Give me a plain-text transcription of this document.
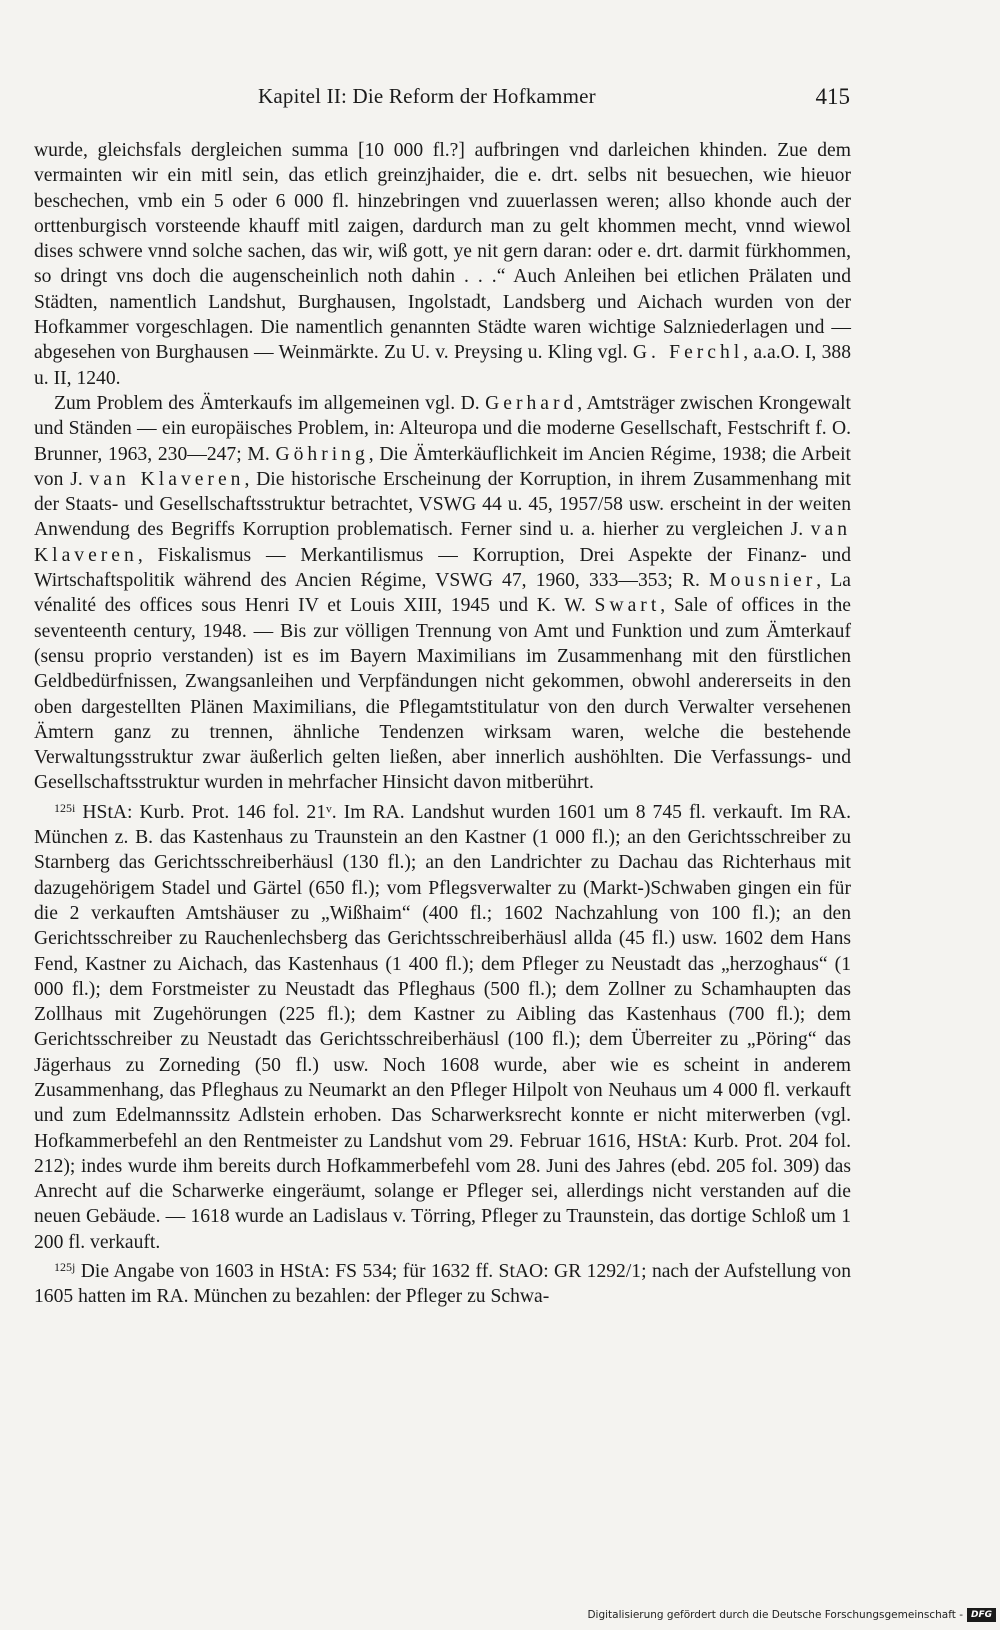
Kapitel II: Die Reform der Hofkammer	415

wurde, gleichsfals dergleichen summa [10 000 fl.?] aufbringen vnd darleichen khinden. Zue dem vermainten wir ein mitl sein, das etlich greinzjhaider, die e. drt. selbs nit besuechen, wie hieuor beschechen, vmb ein 5 oder 6 000 fl. hinzebringen vnd zuuerlassen weren; allso khonde auch der orttenburgisch vorsteende khauff mitl zaigen, dardurch man zu gelt khommen mecht, vnnd wiewol dises schwere vnnd solche sachen, das wir, wiß gott, ye nit gern daran: oder e. drt. darmit fürkhommen, so dringt vns doch die augenscheinlich noth dahin . . .“ Auch Anleihen bei etlichen Prälaten und Städten, namentlich Landshut, Burghausen, Ingolstadt, Landsberg und Aichach wurden von der Hofkammer vorgeschlagen. Die namentlich genannten Städte waren wichtige Salzniederlagen und — abgesehen von Burghausen — Weinmärkte. Zu U. v. Preysing u. Kling vgl. G. Ferchl, a.a.O. I, 388 u. II, 1240.

Zum Problem des Ämterkaufs im allgemeinen vgl. D. Gerhard, Amtsträger zwischen Krongewalt und Ständen — ein europäisches Problem, in: Alteuropa und die moderne Gesellschaft, Festschrift f. O. Brunner, 1963, 230—247; M. Göhring, Die Ämterkäuflichkeit im Ancien Régime, 1938; die Arbeit von J. van Klaveren, Die historische Erscheinung der Korruption, in ihrem Zusammenhang mit der Staats- und Gesellschaftsstruktur betrachtet, VSWG 44 u. 45, 1957/58 usw. erscheint in der weiten Anwendung des Begriffs Korruption problematisch. Ferner sind u. a. hierher zu vergleichen J. van Klaveren, Fiskalismus — Merkantilismus — Korruption, Drei Aspekte der Finanz- und Wirtschaftspolitik während des Ancien Régime, VSWG 47, 1960, 333—353; R. Mousnier, La vénalité des offices sous Henri IV et Louis XIII, 1945 und K. W. Swart, Sale of offices in the seventeenth century, 1948. — Bis zur völligen Trennung von Amt und Funktion und zum Ämterkauf (sensu proprio verstanden) ist es im Bayern Maximilians im Zusammenhang mit den fürstlichen Geldbedürfnissen, Zwangsanleihen und Verpfändungen nicht gekommen, obwohl andererseits in den oben dargestellten Plänen Maximilians, die Pflegamtstitulatur von den durch Verwalter versehenen Ämtern ganz zu trennen, ähnliche Tendenzen wirksam waren, welche die bestehende Verwaltungsstruktur zwar äußerlich gelten ließen, aber innerlich aushöhlten. Die Verfassungs- und Gesellschaftsstruktur wurden in mehrfacher Hinsicht davon mitberührt.

$^{125i}$ HStA: Kurb. Prot. 146 fol. 21ᵛ. Im RA. Landshut wurden 1601 um 8 745 fl. verkauft. Im RA. München z. B. das Kastenhaus zu Traunstein an den Kastner (1 000 fl.); an den Gerichtsschreiber zu Starnberg das Gerichtsschreiberhäusl (130 fl.); an den Landrichter zu Dachau das Richterhaus mit dazugehörigem Stadel und Gärtel (650 fl.); vom Pflegsverwalter zu (Markt-)Schwaben gingen ein für die 2 verkauften Amtshäuser zu „Wißhaim“ (400 fl.; 1602 Nachzahlung von 100 fl.); an den Gerichtsschreiber zu Rauchenlechsberg das Gerichtsschreiberhäusl allda (45 fl.) usw. 1602 dem Hans Fend, Kastner zu Aichach, das Kastenhaus (1 400 fl.); dem Pfleger zu Neustadt das „herzoghaus“ (1 000 fl.); dem Forstmeister zu Neustadt das Pfleghaus (500 fl.); dem Zollner zu Schamhaupten das Zollhaus mit Zugehörungen (225 fl.); dem Kastner zu Aibling das Kastenhaus (700 fl.); dem Gerichtsschreiber zu Neustadt das Gerichtsschreiberhäusl (100 fl.); dem Überreiter zu „Pöring“ das Jägerhaus zu Zorneding (50 fl.) usw. Noch 1608 wurde, aber wie es scheint in anderem Zusammenhang, das Pfleghaus zu Neumarkt an den Pfleger Hilpolt von Neuhaus um 4 000 fl. verkauft und zum Edelmannssitz Adlstein erhoben. Das Scharwerksrecht konnte er nicht miterwerben (vgl. Hofkammerbefehl an den Rentmeister zu Landshut vom 29. Februar 1616, HStA: Kurb. Prot. 204 fol. 212); indes wurde ihm bereits durch Hofkammerbefehl vom 28. Juni des Jahres (ebd. 205 fol. 309) das Anrecht auf die Scharwerke eingeräumt, solange er Pfleger sei, allerdings nicht verstanden auf die neuen Gebäude. — 1618 wurde an Ladislaus v. Törring, Pfleger zu Traunstein, das dortige Schloß um 1 200 fl. verkauft.

$^{125j}$ Die Angabe von 1603 in HStA: FS 534; für 1632 ff. StAO: GR 1292/1; nach der Aufstellung von 1605 hatten im RA. München zu bezahlen: der Pfleger zu Schwa-

Digitalisierung gefördert durch die Deutsche Forschungsgemeinschaft - DFG
